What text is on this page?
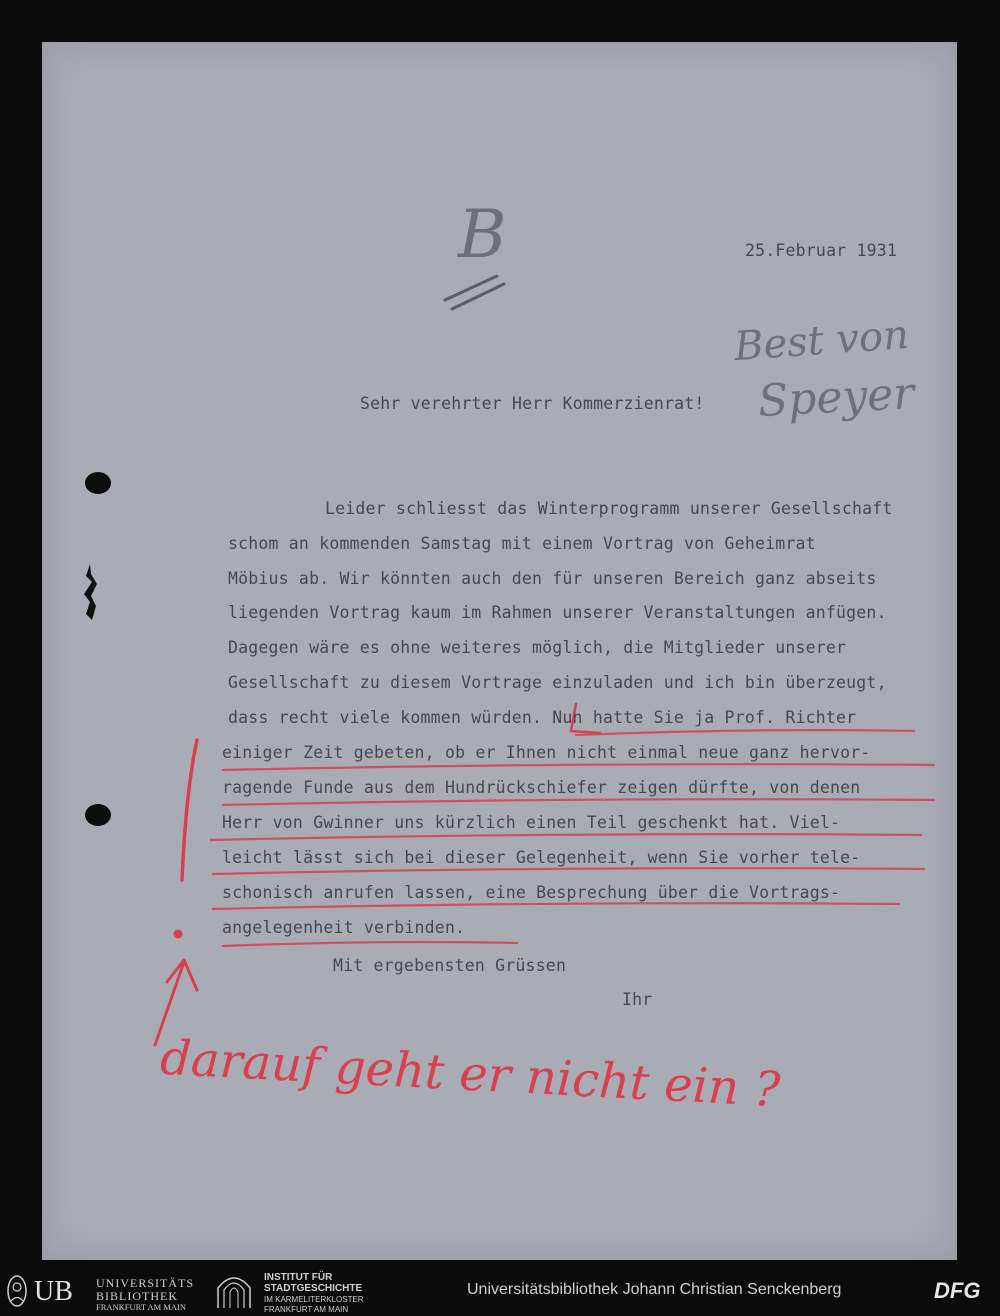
B
Best von
Speyer
25.Februar 1931
Sehr verehrter Herr Kommerzienrat!
Leider schliesst das Winterprogramm unserer Gesellschaft
schom an kommenden Samstag mit einem Vortrag von Geheimrat
Möbius ab. Wir könnten auch den für unseren Bereich ganz abseits
liegenden Vortrag kaum im Rahmen unserer Veranstaltungen anfügen.
Dagegen wäre es ohne weiteres möglich, die Mitglieder unserer
Gesellschaft zu diesem Vortrage einzuladen und ich bin überzeugt,
dass recht viele kommen würden. Nun hatte Sie ja Prof. Richter
einiger Zeit gebeten, ob er Ihnen nicht einmal neue ganz hervor-
ragende Funde aus dem Hundrückschiefer zeigen dürfte, von denen
Herr von Gwinner uns kürzlich einen Teil geschenkt hat. Viel-
leicht lässt sich bei dieser Gelegenheit, wenn Sie vorher tele-
schonisch anrufen lassen, eine Besprechung über die Vortrags-
angelegenheit verbinden.
Mit ergebensten Grüssen
Ihr
darauf geht er nicht ein ?
UB UNIVERSITÄTS
BIBLIOTHEK
FRANKFURT AM MAIN
INSTITUT FÜR
STADTGESCHICHTE
IM KARMELITERKLOSTER
FRANKFURT AM MAIN
Universitätsbibliothek Johann Christian Senckenberg	DFG
